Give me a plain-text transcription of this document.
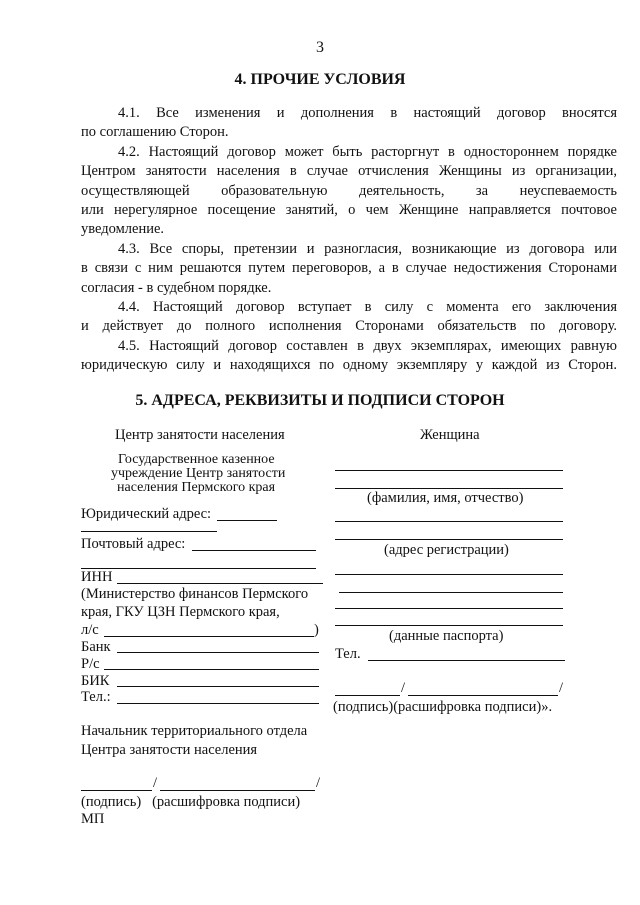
3
4. ПРОЧИЕ УСЛОВИЯ
4.1. Все изменения и дополнения в настоящий договор вносятся
по соглашению Сторон.
4.2. Настоящий договор может быть расторгнут в одностороннем порядке
Центром занятости населения в случае отчисления Женщины из организации,
осуществляющей образовательную деятельность, за неуспеваемость
или нерегулярное посещение занятий, о чем Женщине направляется почтовое
уведомление.
4.3. Все споры, претензии и разногласия, возникающие из договора или
в связи с ним решаются путем переговоров, а в случае недостижения Сторонами
согласия - в судебном порядке.
4.4. Настоящий договор вступает в силу с момента его заключения
и действует до полного исполнения Сторонами обязательств по договору.
4.5. Настоящий договор составлен в двух экземплярах, имеющих равную
юридическую силу и находящихся по одному экземпляру у каждой из Сторон.
5. АДРЕСА, РЕКВИЗИТЫ И ПОДПИСИ СТОРОН
Центр занятости населения
Государственное казенное
учреждение Центр занятости
населения Пермского края
Юридический адрес:
Почтовый адрес:
ИНН
(Министерство финансов Пермского
края, ГКУ ЦЗН Пермского края,
л/с	)
Банк
Р/с
БИК
Тел.:
Начальник территориального отдела
Центра занятости населения
/	/
(подпись)   (расшифровка подписи)
МП
Женщина
(фамилия, имя, отчество)
(адрес регистрации)
(данные паспорта)
Тел.
/	/
(подпись)(расшифровка подписи)».
